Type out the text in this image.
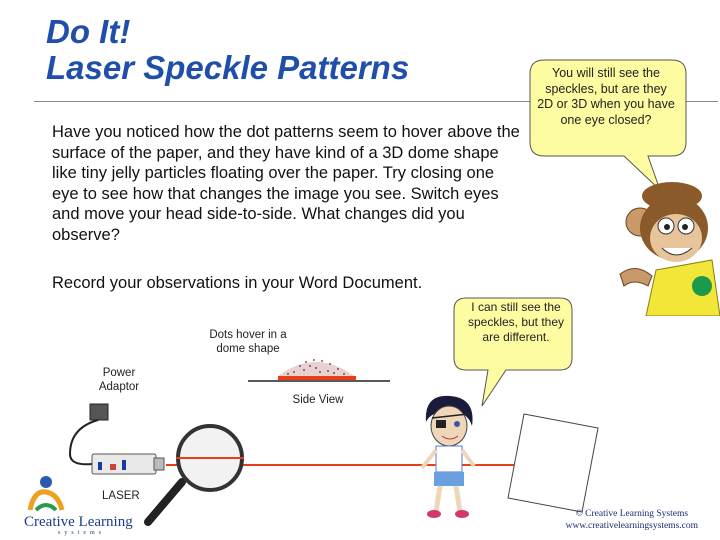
Do It!
Laser Speckle Patterns
Have you noticed how the dot patterns seem to hover above the surface of the paper, and they have kind of a 3D dome shape like tiny jelly particles floating over the paper. Try closing one eye to see how that changes the image you see. Switch eyes and move your head side-to-side. What changes did you observe?
Record your observations in your Word Document.
You will still see the speckles, but are they 2D or 3D when you have one eye closed?
I can still see the speckles, but they are different.
Dots hover in a dome shape
Power Adaptor
Side View
LASER
© Creative Learning Systems
www.creativelearningsystems.com
Creative Learning
systems
